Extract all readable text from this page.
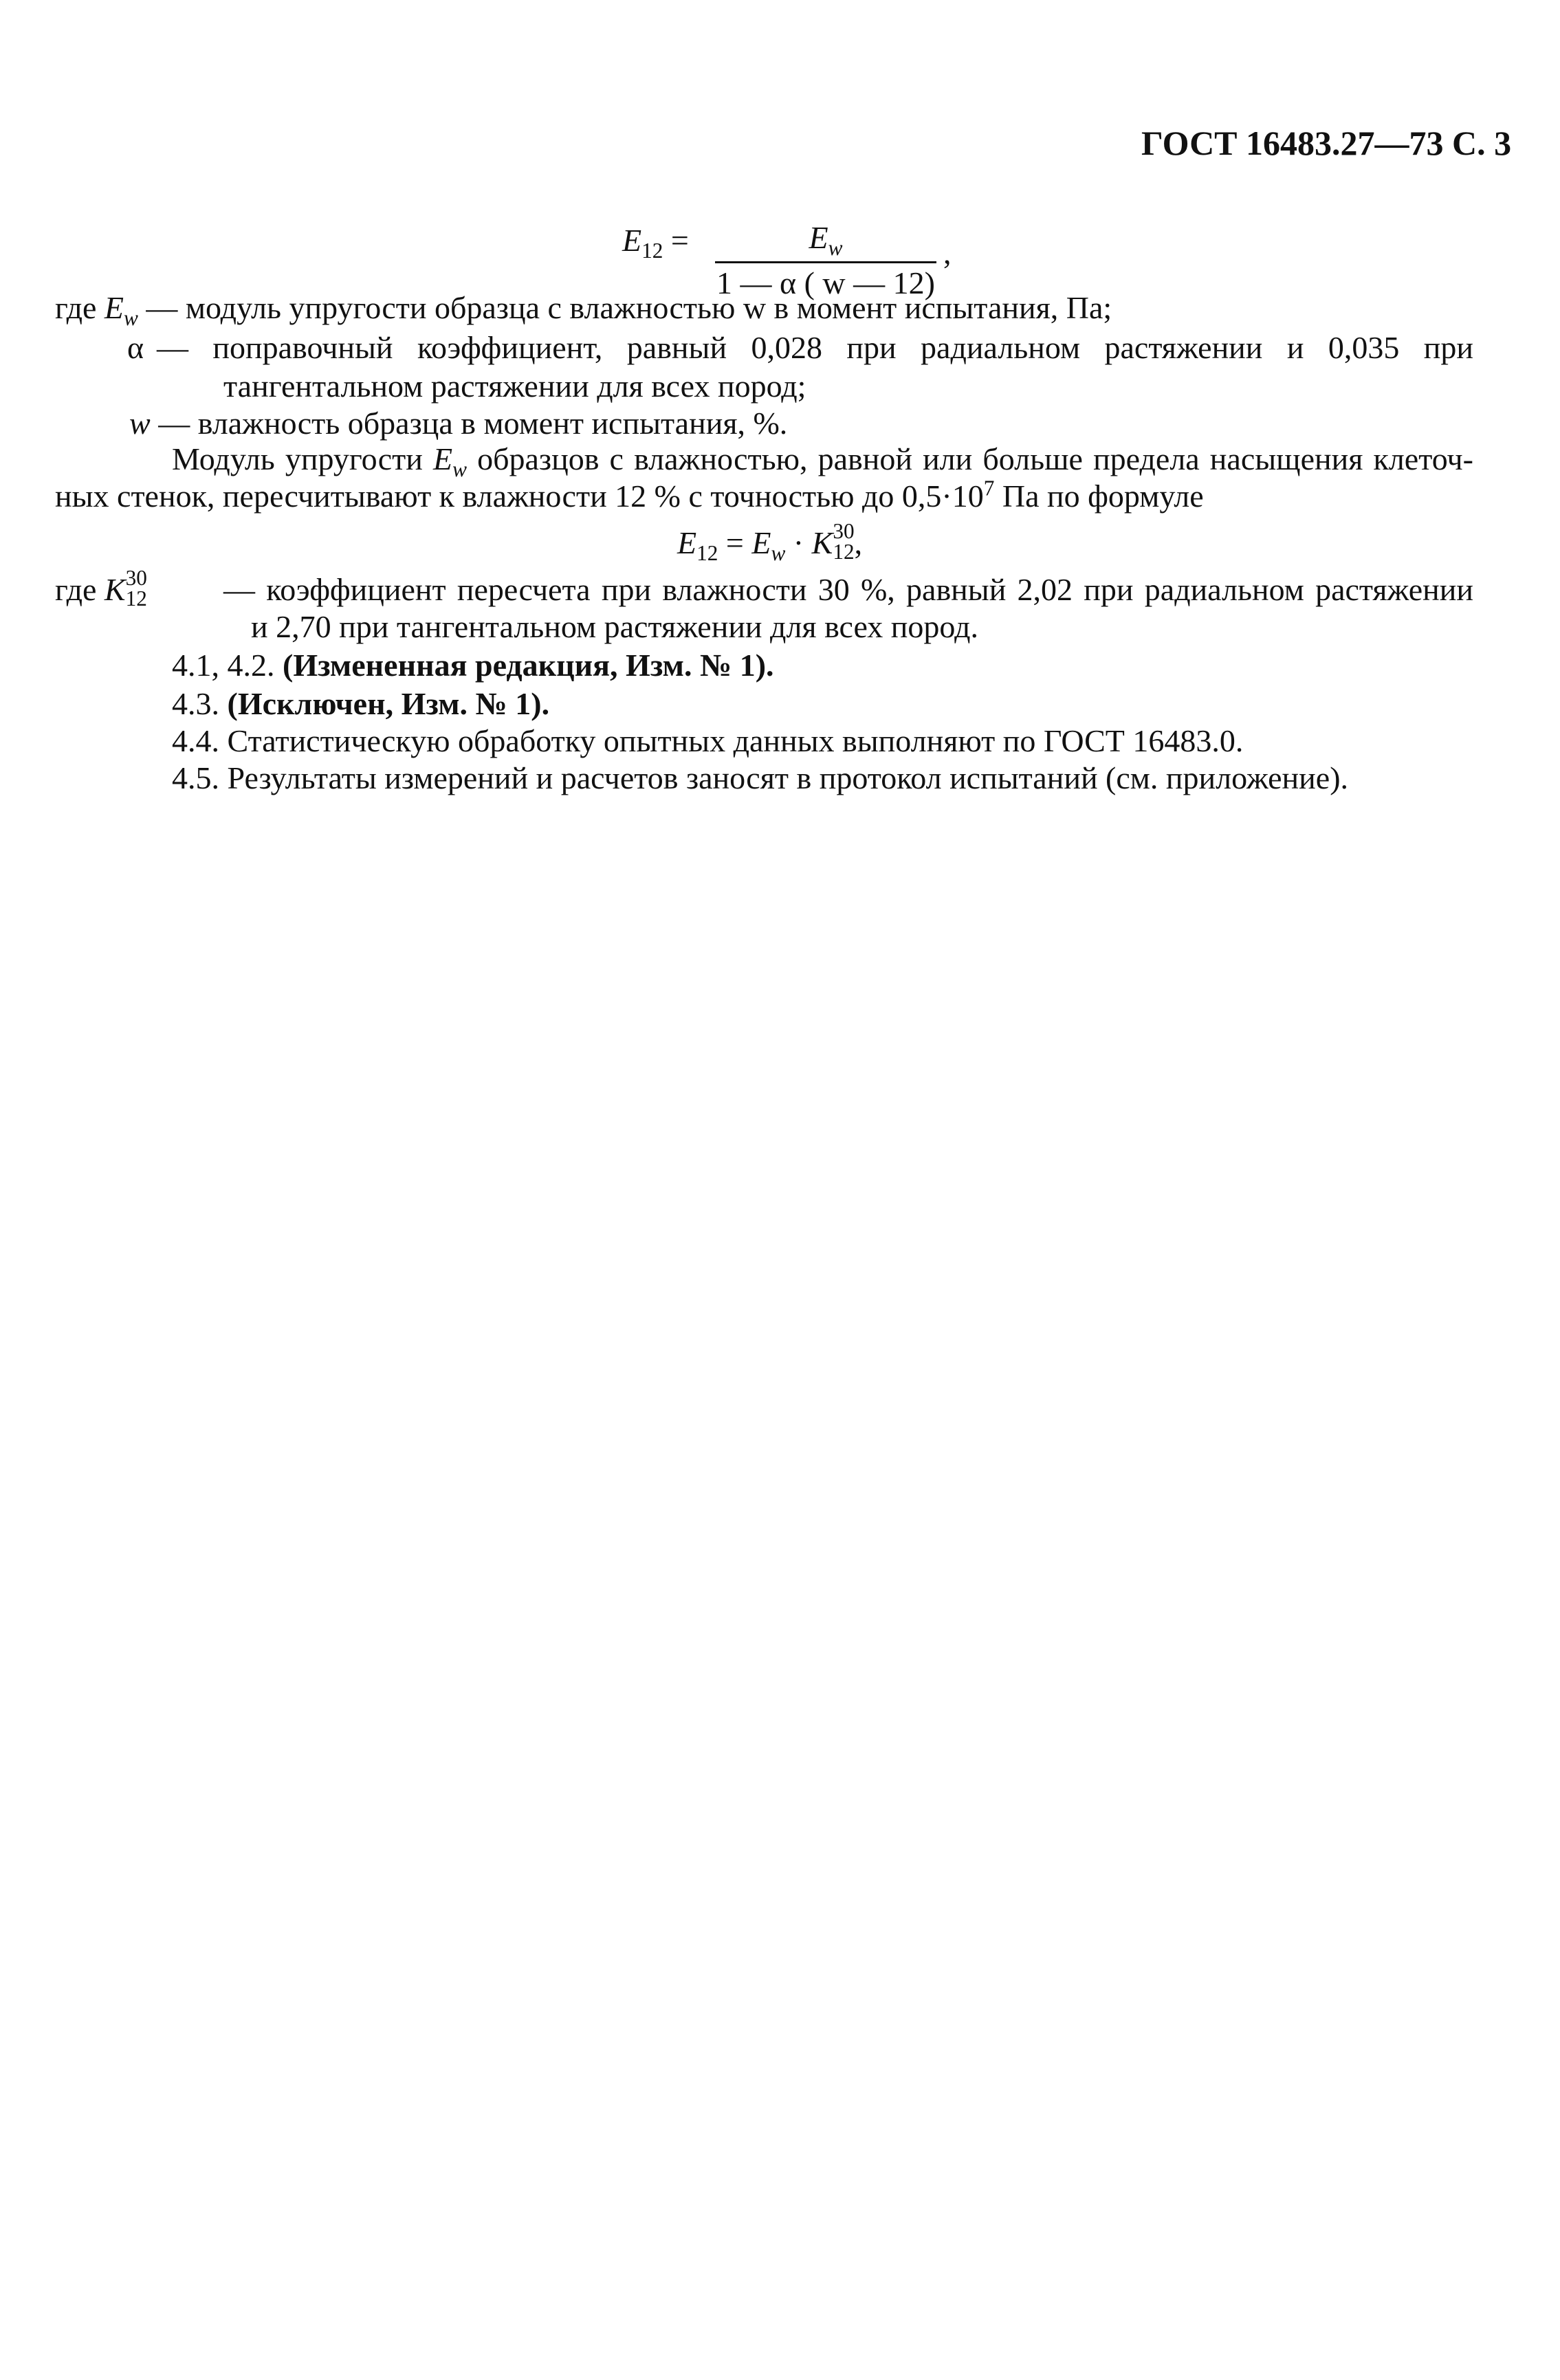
ГОСТ 16483.27—73 С. 3
$E_{12}$ =	$E_w$
1 — α ( w — 12)
,
где $E_w$ — модуль упругости образца с влажностью w в момент испытания, Па;
α — поправочный коэффициент, равный 0,028 при радиальном растяжении и 0,035 при
тангентальном растяжении для всех пород;
w — влажность образца в момент испытания, %.
Модуль упругости $E_w$ образцов с влажностью, равной или больше предела насыщения клеточ-
ных стенок, пересчитывают к влажности 12 % с точностью до $0,5\cdot 10^7$ Па по формуле
$E_{12} = E_w \cdot K$ 30
12 ,
где K 30
12 — коэффициент пересчета при влажности 30 %, равный 2,02 при радиальном растяжении
и 2,70 при тангентальном растяжении для всех пород.
4.1, 4.2. (Измененная редакция, Изм. № 1).
4.3. (Исключен, Изм. № 1).
4.4. Статистическую обработку опытных данных выполняют по ГОСТ 16483.0.
4.5. Результаты измерений и расчетов заносят в протокол испытаний (см. приложение).
